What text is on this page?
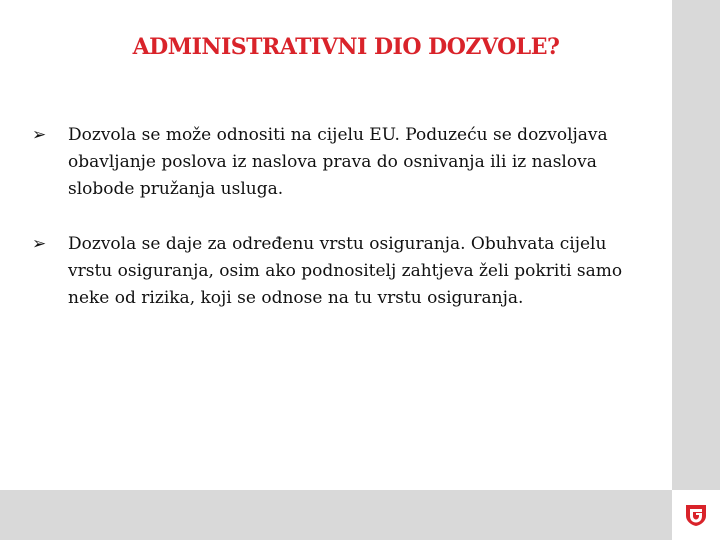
ADMINISTRATIVNI DIO DOZVOLE?
➢ Dozvola se može odnositi na cijelu EU. Poduzeću se dozvoljava obavljanje poslova iz naslova prava do osnivanja ili iz naslova slobode pružanja usluga.
➢ Dozvola se daje za određenu vrstu osiguranja. Obuhvata cijelu vrstu osiguranja, osim ako podnositelj zahtjeva želi pokriti samo neke od rizika, koji se odnose na tu vrstu osiguranja.
